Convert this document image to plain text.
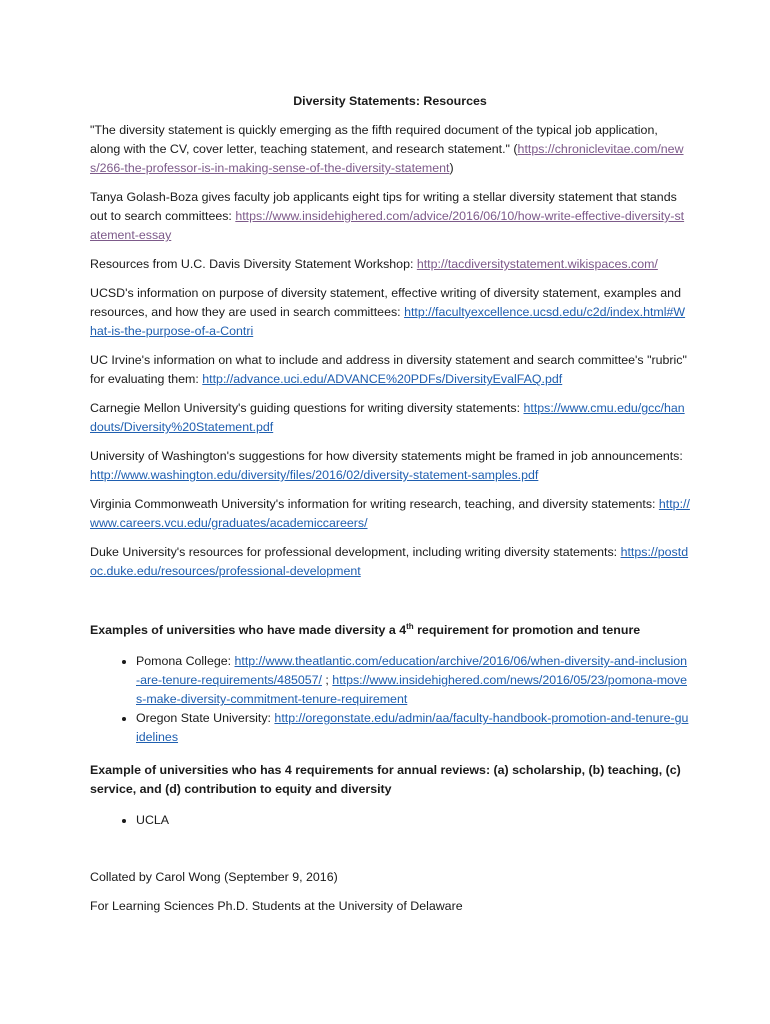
Diversity Statements: Resources

"The diversity statement is quickly emerging as the fifth required document of the typical job application, along with the CV, cover letter, teaching statement, and research statement." (https://chroniclevitae.com/news/266-the-professor-is-in-making-sense-of-the-diversity-statement)

Tanya Golash-Boza gives faculty job applicants eight tips for writing a stellar diversity statement that stands out to search committees: https://www.insidehighered.com/advice/2016/06/10/how-write-effective-diversity-statement-essay

Resources from U.C. Davis Diversity Statement Workshop: http://tacdiversitystatement.wikispaces.com/

UCSD's information on purpose of diversity statement, effective writing of diversity statement, examples and resources, and how they are used in search committees: http://facultyexcellence.ucsd.edu/c2d/index.html#What-is-the-purpose-of-a-Contri

UC Irvine's information on what to include and address in diversity statement and search committee's "rubric" for evaluating them: http://advance.uci.edu/ADVANCE%20PDFs/DiversityEvalFAQ.pdf

Carnegie Mellon University's guiding questions for writing diversity statements: https://www.cmu.edu/gcc/handouts/Diversity%20Statement.pdf

University of Washington's suggestions for how diversity statements might be framed in job announcements: http://www.washington.edu/diversity/files/2016/02/diversity-statement-samples.pdf

Virginia Commonweath University's information for writing research, teaching, and diversity statements: http://www.careers.vcu.edu/graduates/academiccareers/

Duke University's resources for professional development, including writing diversity statements: https://postdoc.duke.edu/resources/professional-development

Examples of universities who have made diversity a 4th requirement for promotion and tenure
• Pomona College: http://www.theatlantic.com/education/archive/2016/06/when-diversity-and-inclusion-are-tenure-requirements/485057/ ; https://www.insidehighered.com/news/2016/05/23/pomona-moves-make-diversity-commitment-tenure-requirement
• Oregon State University: http://oregonstate.edu/admin/aa/faculty-handbook-promotion-and-tenure-guidelines
Example of universities who has 4 requirements for annual reviews: (a) scholarship, (b) teaching, (c) service, and (d) contribution to equity and diversity
• UCLA

Collated by Carol Wong (September 9, 2016)

For Learning Sciences Ph.D. Students at the University of Delaware
